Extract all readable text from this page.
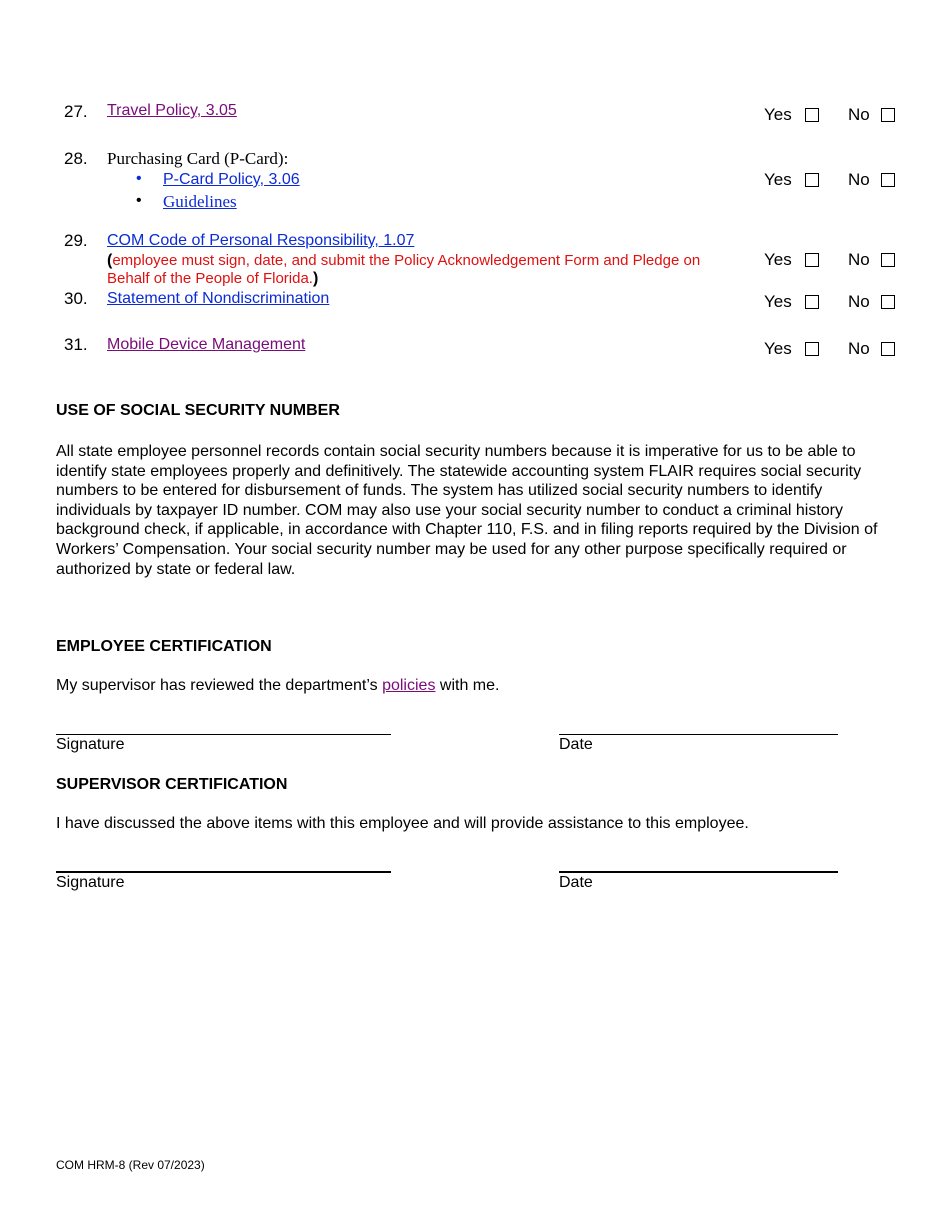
27. Travel Policy, 3.05	Yes	No
28. Purchasing Card (P-Card):
• P-Card Policy, 3.06
• Guidelines
Yes	No
29. COM Code of Personal Responsibility, 1.07
(employee must sign, date, and submit the Policy Acknowledgement Form and Pledge on
Behalf of the People of Florida.)
Yes	No
30. Statement of Nondiscrimination	Yes	No
31. Mobile Device Management	Yes	No
USE OF SOCIAL SECURITY NUMBER
All state employee personnel records contain social security numbers because it is imperative for us to be able to identify state employees properly and definitively. The statewide accounting system FLAIR requires social security numbers to be entered for disbursement of funds. The system has utilized social security numbers to identify individuals by taxpayer ID number. COM may also use your social security number to conduct a criminal history background check, if applicable, in accordance with Chapter 110, F.S. and in filing reports required by the Division of Workers’ Compensation. Your social security number may be used for any other purpose specifically required or authorized by state or federal law.
EMPLOYEE CERTIFICATION
My supervisor has reviewed the department’s policies with me.
Signature	Date
SUPERVISOR CERTIFICATION
I have discussed the above items with this employee and will provide assistance to this employee.
Signature	Date
COM HRM-8 (Rev 07/2023)
